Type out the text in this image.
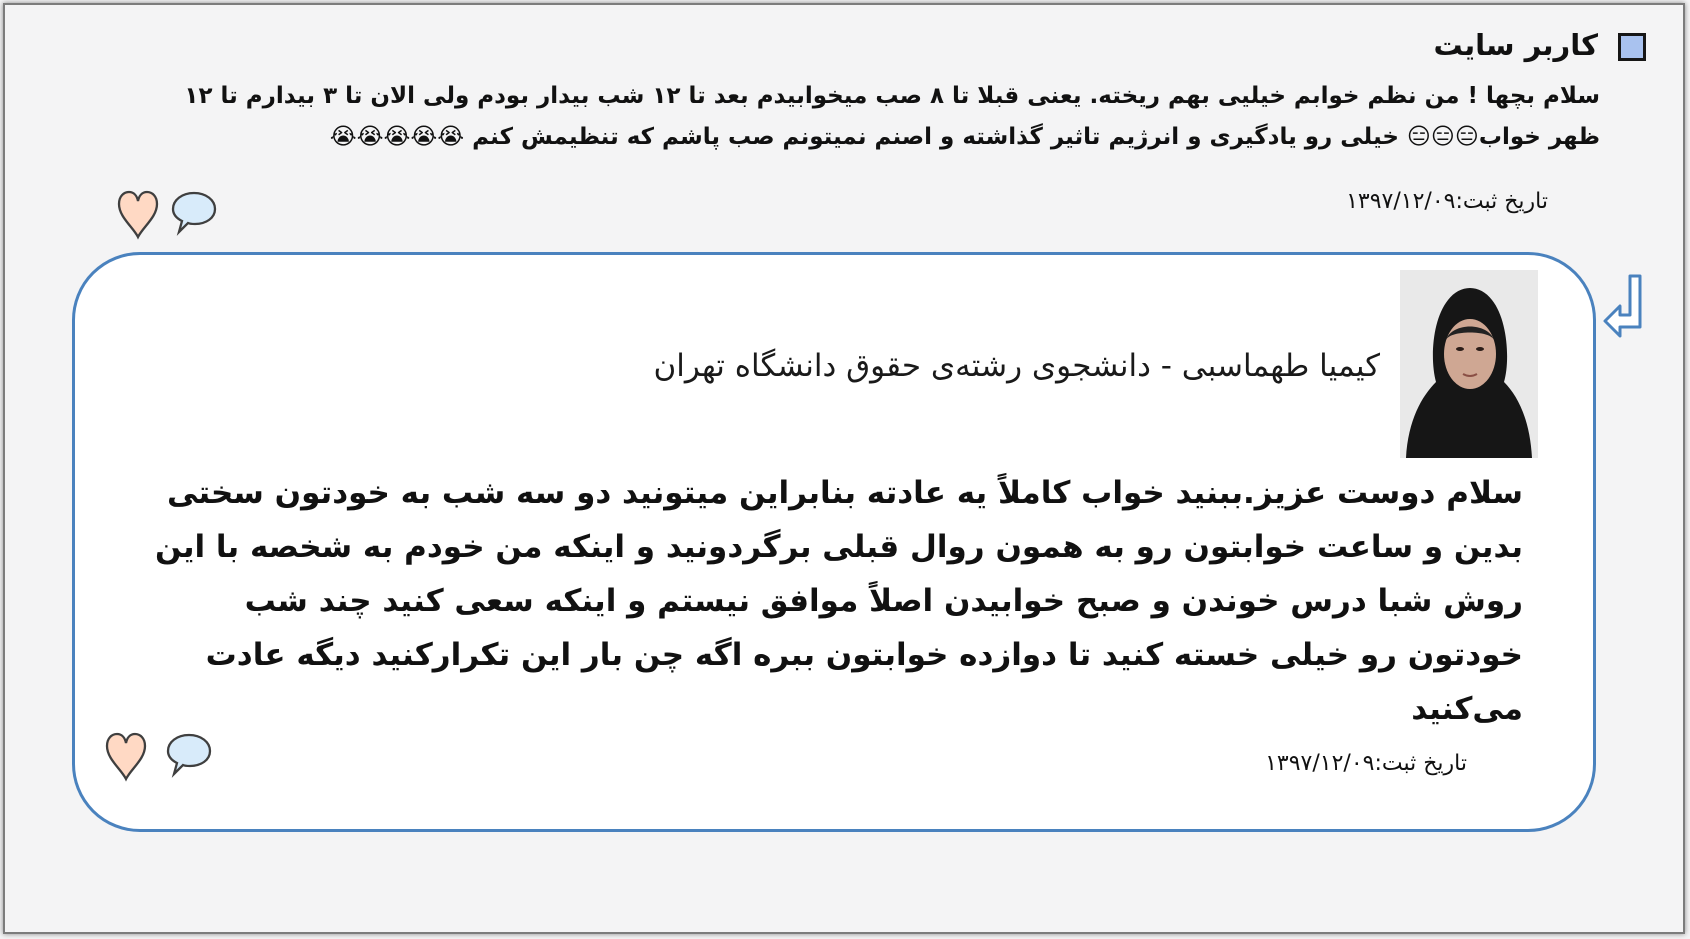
کاربر سایت
سلام بچها ! من نظم خوابم خیلیی بهم ریخته. یعنی قبلا تا ۸ صب میخوابیدم بعد تا ۱۲ شب بیدار بودم ولی الان تا ۳ بیدارم تا ۱۲ ظهر خواب😑😑😑 خیلی رو یادگیری و انرژیم تاثیر گذاشته و اصنم نمیتونم صب پاشم که تنظیمش کنم 😭😭😭😭😭
تاریخ ثبت:۱۳۹۷/۱۲/۰۹
کیمیا طهماسبی - دانشجوی رشته‌ی حقوق دانشگاه تهران
سلام دوست عزیز.ببنید خواب کاملاً یه عادته بنابراین میتونید دو سه شب به خودتون سختی بدین و ساعت خوابتون رو به همون روال قبلی برگردونید و اینکه من خودم به شخصه با این روش شبا درس خوندن و صبح خوابیدن اصلاً موافق نیستم و اینکه سعی کنید چند شب خودتون رو خیلی خسته کنید تا دوازده خوابتون ببره اگه چن بار این تکرارکنید دیگه عادت می‌کنید
تاریخ ثبت:۱۳۹۷/۱۲/۰۹
